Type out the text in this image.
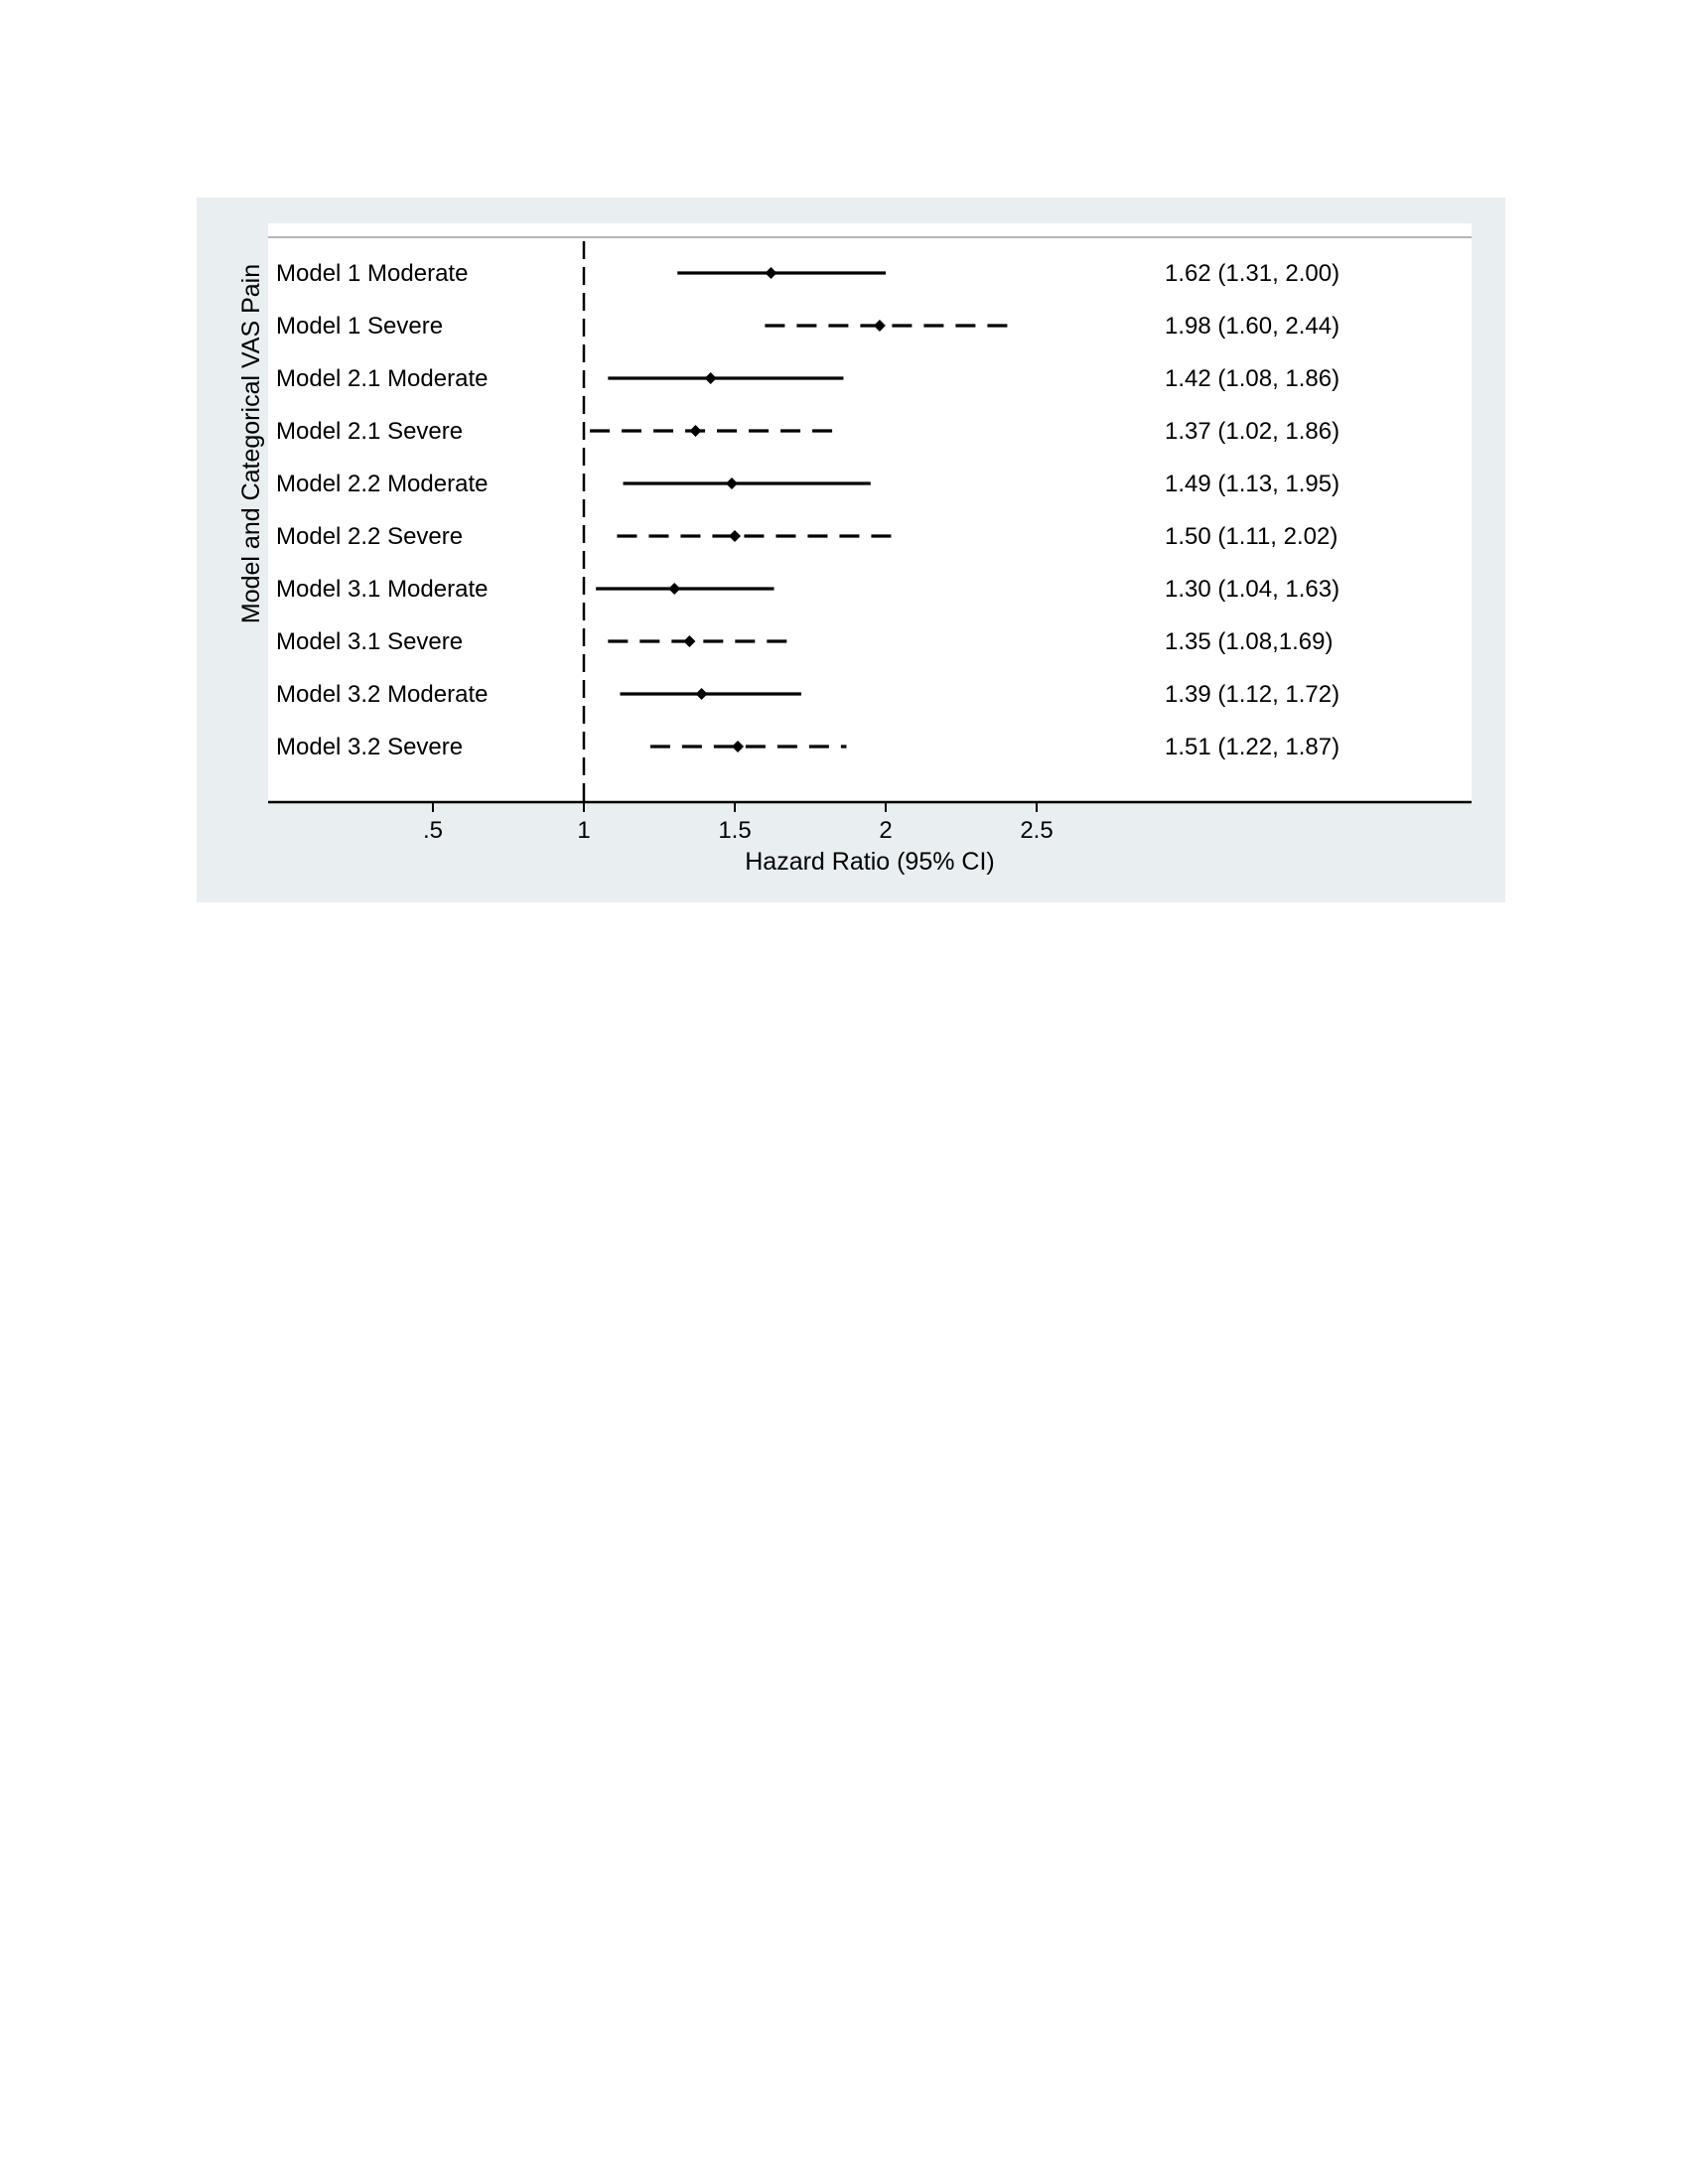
Model 1 Moderate	1.62 (1.31, 2.00)
Model 1 Severe	1.98 (1.60, 2.44)
Model 2.1 Moderate	1.42 (1.08, 1.86)
Model 2.1 Severe	1.37 (1.02, 1.86)
Model 2.2 Moderate	1.49 (1.13, 1.95)
Model 2.2 Severe	1.50 (1.11, 2.02)
Model 3.1 Moderate	1.30 (1.04, 1.63)
Model 3.1 Severe	1.35 (1.08,1.69)
Model 3.2 Moderate	1.39 (1.12, 1.72)
Model 3.2 Severe	1.51 (1.22, 1.87)
.5	1	1.5	2	2.5
Hazard Ratio (95% CI)
Model and Categorical VAS Pain
